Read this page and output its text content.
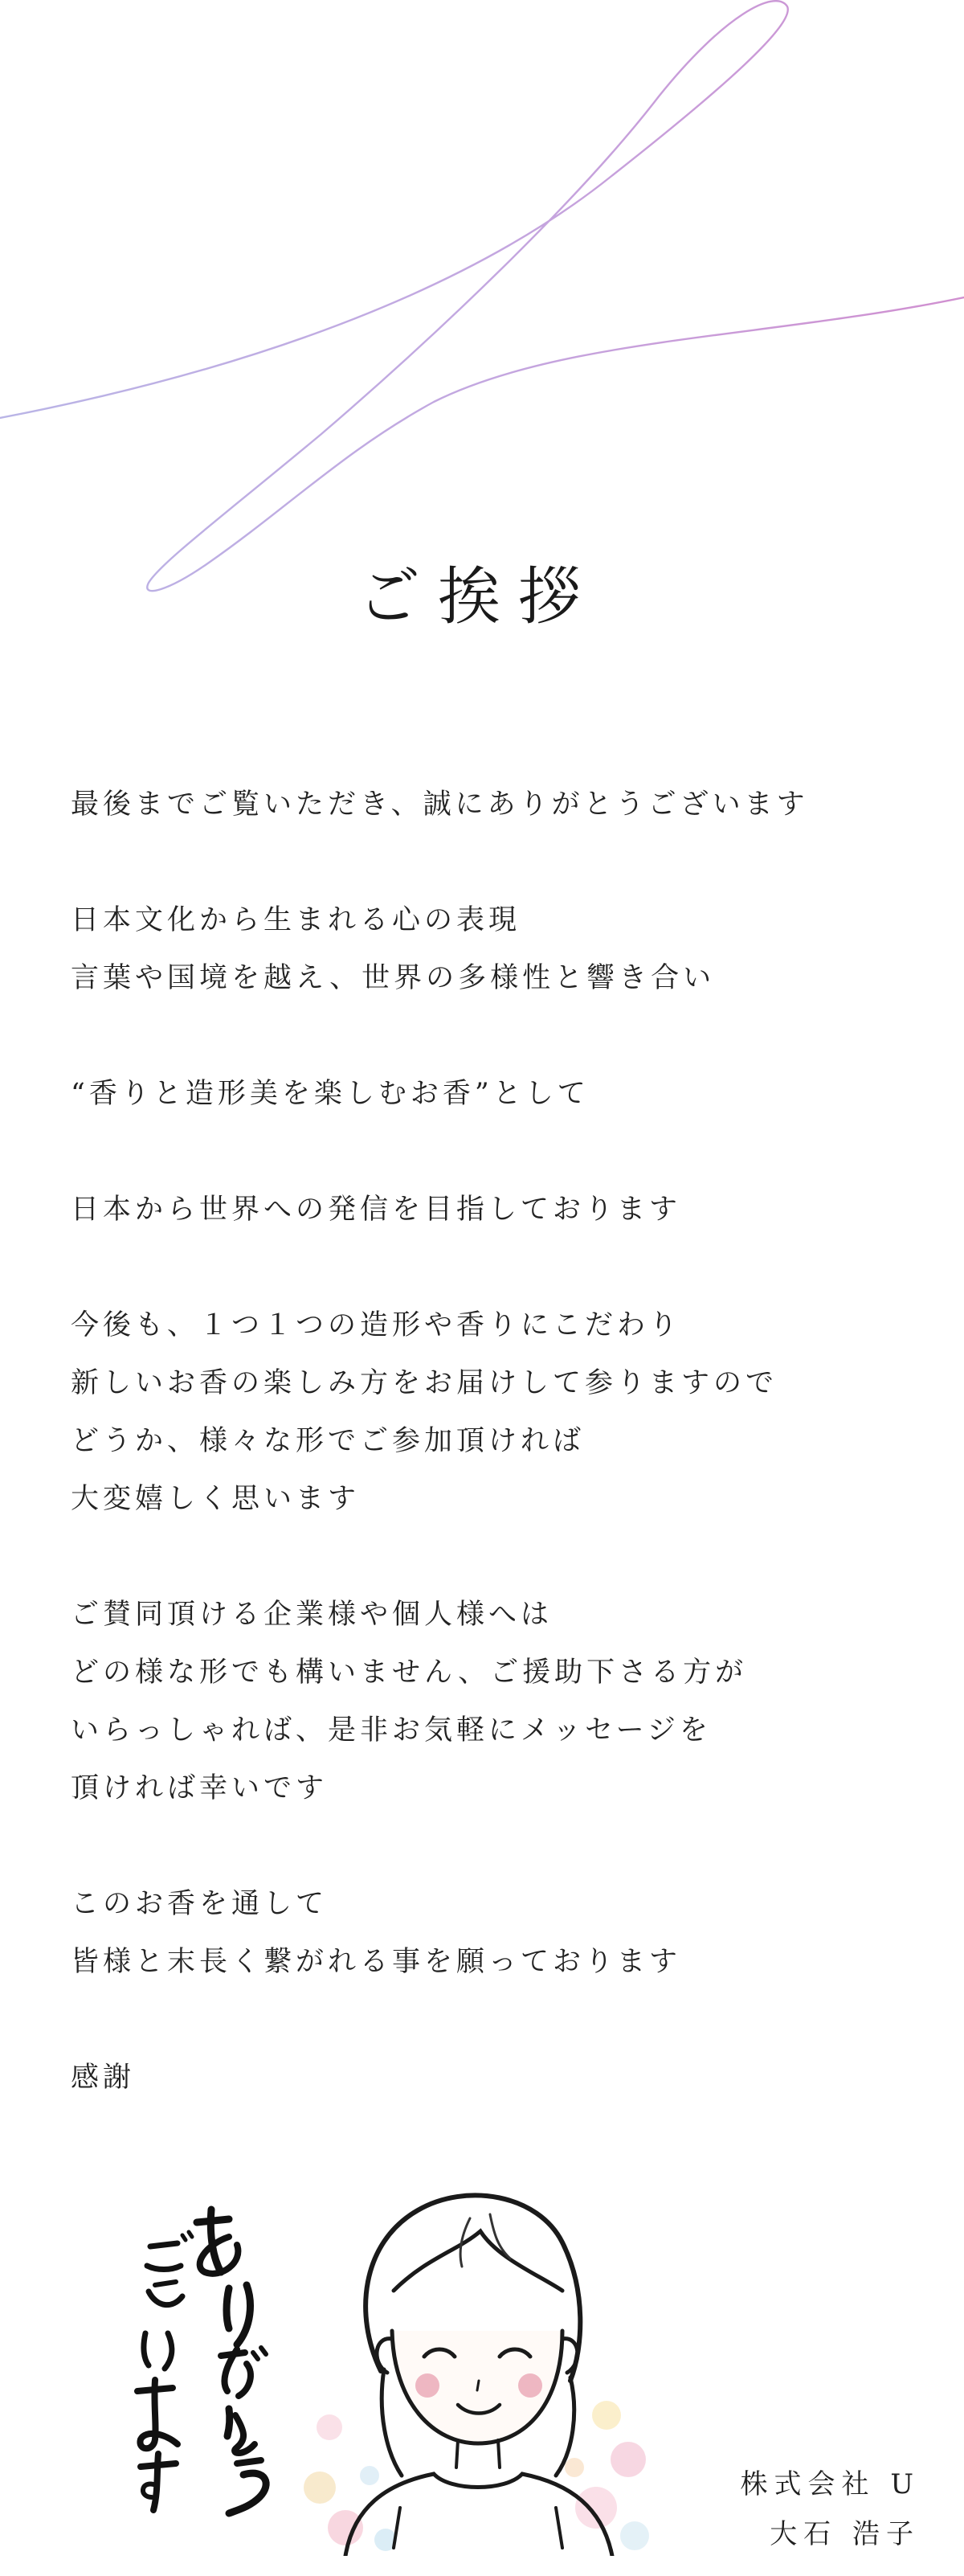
ご挨拶

最後までご覧いただき、誠にありがとうございます

日本文化から生まれる心の表現
言葉や国境を越え、世界の多様性と響き合い

“香りと造形美を楽しむお香”として

日本から世界への発信を目指しております

今後も、１つ１つの造形や香りにこだわり
新しいお香の楽しみ方をお届けして参りますので
どうか、様々な形でご参加頂ければ
大変嬉しく思います

ご賛同頂ける企業様や個人様へは
どの様な形でも構いません、ご援助下さる方が
いらっしゃれば、是非お気軽にメッセージを
頂ければ幸いです

このお香を通して
皆様と末長く繋がれる事を願っております

感謝

株式会社 U
大石 浩子
